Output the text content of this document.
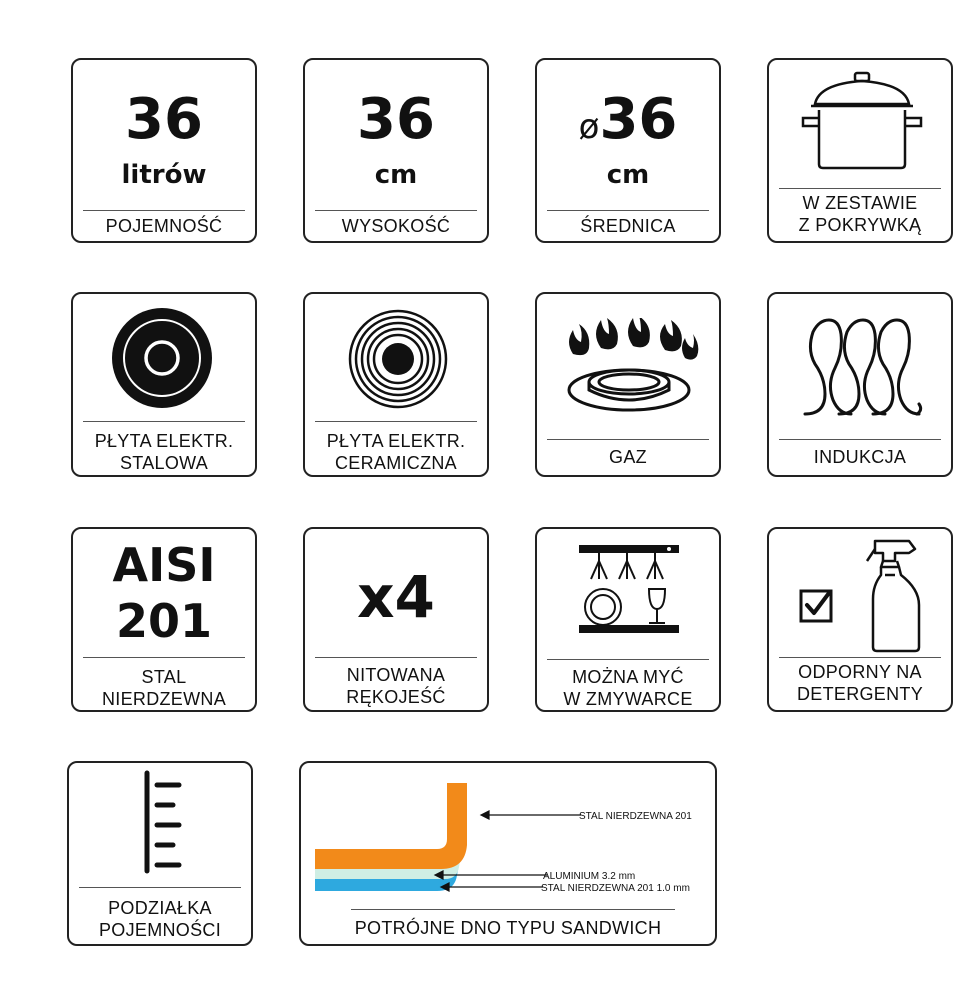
36
litrów
POJEMNOŚĆ
36
cm
WYSOKOŚĆ
ø36
cm
ŚREDNICA
W ZESTAWIE
Z POKRYWKĄ
PŁYTA ELEKTR.
STALOWA
PŁYTA ELEKTR.
CERAMICZNA	GAZ	INDUKCJA
AISI
201
STAL
NIERDZEWNA
x4
NITOWANA
RĘKOJEŚĆ
MOŻNA MYĆ
W ZMYWARCE
ODPORNY NA
DETERGENTY
PODZIAŁKA
POJEMNOŚCI
STAL NIERDZEWNA 201
ALUMINIUM 3.2 mm
STAL NIERDZEWNA 201 1.0 mm
POTRÓJNE DNO TYPU SANDWICH
